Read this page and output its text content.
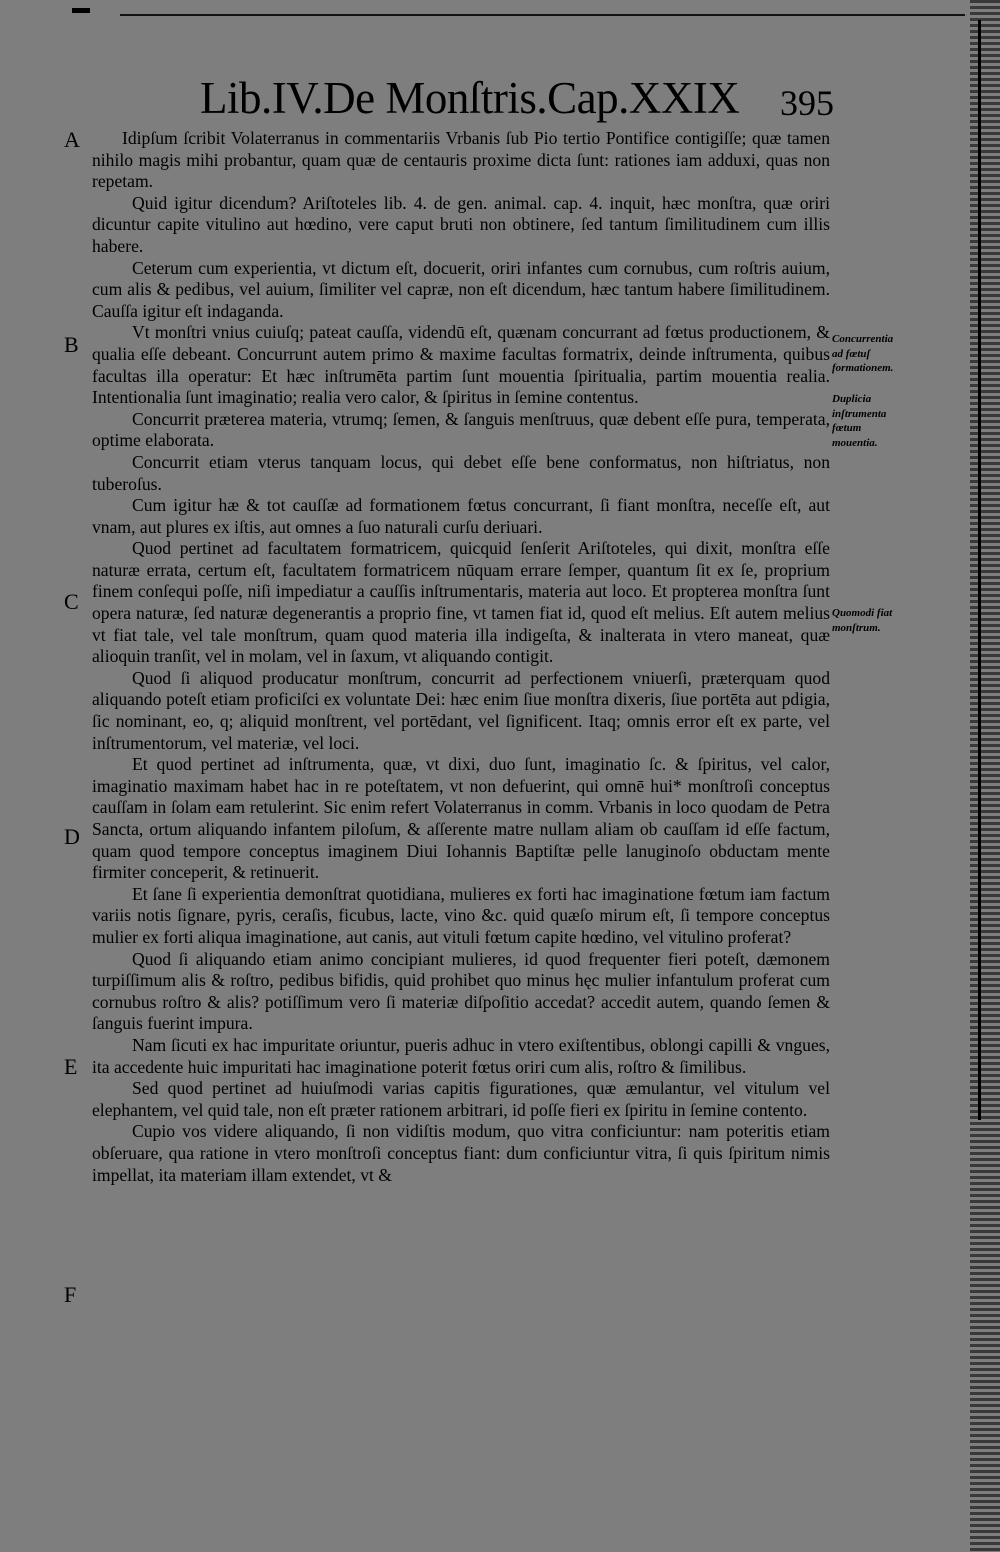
Lib.IV.De Monſtris.Cap.XXIX 395
A
B
C
D
E
F
Concurrentia ad fœtuſ formationem.
Duplicia inſtrumenta fœtum mouentia.
Quomodi fiat monſtrum.

Idipſum ſcribit Volaterranus in commentariis Vrbanis ſub Pio tertio Pontifice contigiſſe; quæ tamen nihilo magis mihi probantur, quam quæ de centauris proxime dicta ſunt: rationes iam adduxi, quas non repetam.

Quid igitur dicendum? Ariſtoteles lib. 4. de gen. animal. cap. 4. inquit, hæc monſtra, quæ oriri dicuntur capite vitulino aut hœdino, vere caput bruti non obtinere, ſed tantum ſimilitudinem cum illis habere.

Ceterum cum experientia, vt dictum eſt, docuerit, oriri infantes cum cornubus, cum roſtris auium, cum alis & pedibus, vel auium, ſimiliter vel capræ, non eſt dicendum, hæc tantum habere ſimilitudinem. Cauſſa igitur eſt indaganda.

Vt monſtri vnius cuiuſq; pateat cauſſa, videndū eſt, quænam concurrant ad fœtus productionem, & qualia eſſe debeant. Concurrunt autem primo & maxime facultas formatrix, deinde inſtrumenta, quibus facultas illa operatur: Et hæc inſtrumēta partim ſunt mouentia ſpiritualia, partim mouentia realia. Intentionalia ſunt imaginatio; realia vero calor, & ſpiritus in ſemine contentus.

Concurrit præterea materia, vtrumq; ſemen, & ſanguis menſtruus, quæ debent eſſe pura, temperata, optime elaborata.

Concurrit etiam vterus tanquam locus, qui debet eſſe bene conformatus, non hiſtriatus, non tuberoſus.

Cum igitur hæ & tot cauſſæ ad formationem fœtus concurrant, ſi fiant monſtra, neceſſe eſt, aut vnam, aut plures ex iſtis, aut omnes a ſuo naturali curſu deriuari.

Quod pertinet ad facultatem formatricem, quicquid ſenſerit Ariſtoteles, qui dixit, monſtra eſſe naturæ errata, certum eſt, facultatem formatricem nūquam errare ſemper, quantum ſit ex ſe, proprium finem conſequi poſſe, niſi impediatur a cauſſis inſtrumentaris, materia aut loco. Et propterea monſtra ſunt opera naturæ, ſed naturæ degenerantis a proprio fine, vt tamen fiat id, quod eſt melius. Eſt autem melius vt fiat tale, vel tale monſtrum, quam quod materia illa indigeſta, & inalterata in vtero maneat, quæ alioquin tranſit, vel in molam, vel in ſaxum, vt aliquando contigit.

Quod ſi aliquod producatur monſtrum, concurrit ad perfectionem vniuerſi, præterquam quod aliquando poteſt etiam proficiſci ex voluntate Dei: hæc enim ſiue monſtra dixeris, ſiue portēta aut pdigia, ſic nominant, eo, q; aliquid monſtrent, vel portēdant, vel ſignificent. Itaq; omnis error eſt ex parte, vel inſtrumentorum, vel materiæ, vel loci.

Et quod pertinet ad inſtrumenta, quæ, vt dixi, duo ſunt, imaginatio ſc. & ſpiritus, vel calor, imaginatio maximam habet hac in re poteſtatem, vt non defuerint, qui omnē hui* monſtroſi conceptus cauſſam in ſolam eam retulerint. Sic enim refert Volaterranus in comm. Vrbanis in loco quodam de Petra Sancta, ortum aliquando infantem piloſum, & aſſerente matre nullam aliam ob cauſſam id eſſe factum, quam quod tempore conceptus imaginem Diui Iohannis Baptiſtæ pelle lanuginoſo obductam mente firmiter conceperit, & retinuerit.

Et ſane ſi experientia demonſtrat quotidiana, mulieres ex forti hac imaginatione fœtum iam factum variis notis ſignare, pyris, ceraſis, ficubus, lacte, vino &c. quid quæſo mirum eſt, ſi tempore conceptus mulier ex forti aliqua imaginatione, aut canis, aut vituli fœtum capite hœdino, vel vitulino proferat?

Quod ſi aliquando etiam animo concipiant mulieres, id quod frequenter fieri poteſt, dæmonem turpiſſimum alis & roſtro, pedibus bifidis, quid prohibet quo minus hęc mulier infantulum proferat cum cornubus roſtro & alis? potiſſimum vero ſi materiæ diſpoſitio accedat? accedit autem, quando ſemen & ſanguis fuerint impura.

Nam ſicuti ex hac impuritate oriuntur, pueris adhuc in vtero exiſtentibus, oblongi capilli & vngues, ita accedente huic impuritati hac imaginatione poterit fœtus oriri cum alis, roſtro & ſimilibus.

Sed quod pertinet ad huiuſmodi varias capitis figurationes, quæ æmulantur, vel vitulum vel elephantem, vel quid tale, non eſt præter rationem arbitrari, id poſſe fieri ex ſpiritu in ſemine contento.

Cupio vos videre aliquando, ſi non vidiſtis modum, quo vitra conficiuntur: nam poteritis etiam obſeruare, qua ratione in vtero monſtroſi conceptus fiant: dum conficiuntur vitra, ſi quis ſpiritum nimis impellat, ita materiam illam extendet, vt &
